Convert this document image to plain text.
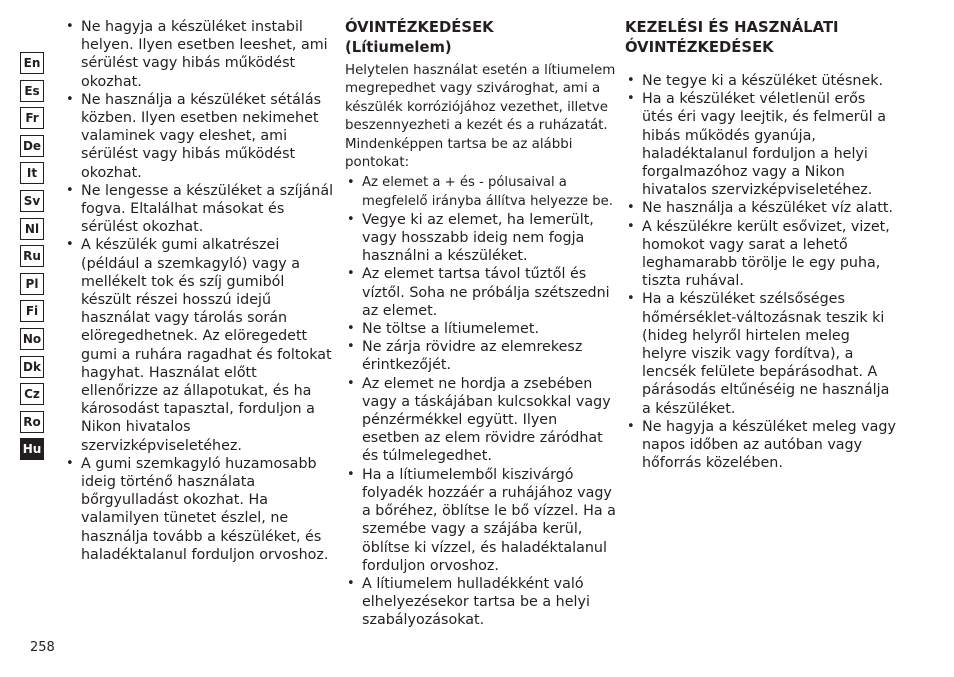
En
Es
Fr
De
It
Sv
Nl
Ru
Pl
Fi
No
Dk
Cz
Ro
Hu
• Ne hagyja a készüléket instabil
helyen. Ilyen esetben leeshet, ami
sérülést vagy hibás működést
okozhat.
• Ne használja a készüléket sétálás
közben. Ilyen esetben nekimehet
valaminek vagy eleshet, ami
sérülést vagy hibás működést
okozhat.
• Ne lengesse a készüléket a szíjánál
fogva. Eltalálhat másokat és
sérülést okozhat.
• A készülék gumi alkatrészei
(például a szemkagyló) vagy a
mellékelt tok és szíj gumiból
készült részei hosszú idejű
használat vagy tárolás során
elöregedhetnek. Az elöregedett
gumi a ruhára ragadhat és foltokat
hagyhat. Használat előtt
ellenőrizze az állapotukat, és ha
károsodást tapasztal, forduljon a
Nikon hivatalos
szervizképviseletéhez.
• A gumi szemkagyló huzamosabb
ideig történő használata
bőrgyulladást okozhat. Ha
valamilyen tünetet észlel, ne
használja tovább a készüléket, és
haladéktalanul forduljon orvoshoz.
ÓVINTÉZKEDÉSEK
(Lítiumelem)
Helytelen használat esetén a lítiumelem
megrepedhet vagy szivároghat, ami a
készülék korróziójához vezethet, illetve
beszennyezheti a kezét és a ruházatát.
Mindenképpen tartsa be az alábbi
pontokat:
• Az elemet a + és - pólusaival a
megfelelő irányba állítva helyezze be.
• Vegye ki az elemet, ha lemerült,
vagy hosszabb ideig nem fogja
használni a készüléket.
• Az elemet tartsa távol tűztől és
víztől. Soha ne próbálja szétszedni
az elemet.
• Ne töltse a lítiumelemet.
• Ne zárja rövidre az elemrekesz
érintkezőjét.
• Az elemet ne hordja a zsebében
vagy a táskájában kulcsokkal vagy
pénzérmékkel együtt. Ilyen
esetben az elem rövidre záródhat
és túlmelegedhet.
• Ha a lítiumelemből kiszivárgó
folyadék hozzáér a ruhájához vagy
a bőréhez, öblítse le bő vízzel. Ha a
szemébe vagy a szájába kerül,
öblítse ki vízzel, és haladéktalanul
forduljon orvoshoz.
• A lítiumelem hulladékként való
elhelyezésekor tartsa be a helyi
szabályozásokat.
KEZELÉSI ÉS HASZNÁLATI
ÓVINTÉZKEDÉSEK
• Ne tegye ki a készüléket ütésnek.
• Ha a készüléket véletlenül erős
ütés éri vagy leejtik, és felmerül a
hibás működés gyanúja,
haladéktalanul forduljon a helyi
forgalmazóhoz vagy a Nikon
hivatalos szervizképviseletéhez.
• Ne használja a készüléket víz alatt.
• A készülékre került esővizet, vizet,
homokot vagy sarat a lehető
leghamarabb törölje le egy puha,
tiszta ruhával.
• Ha a készüléket szélsőséges
hőmérséklet-változásnak teszik ki
(hideg helyről hirtelen meleg
helyre viszik vagy fordítva), a
lencsék felülete bepárásodhat. A
párásodás eltűnéséig ne használja
a készüléket.
• Ne hagyja a készüléket meleg vagy
napos időben az autóban vagy
hőforrás közelében.
258
